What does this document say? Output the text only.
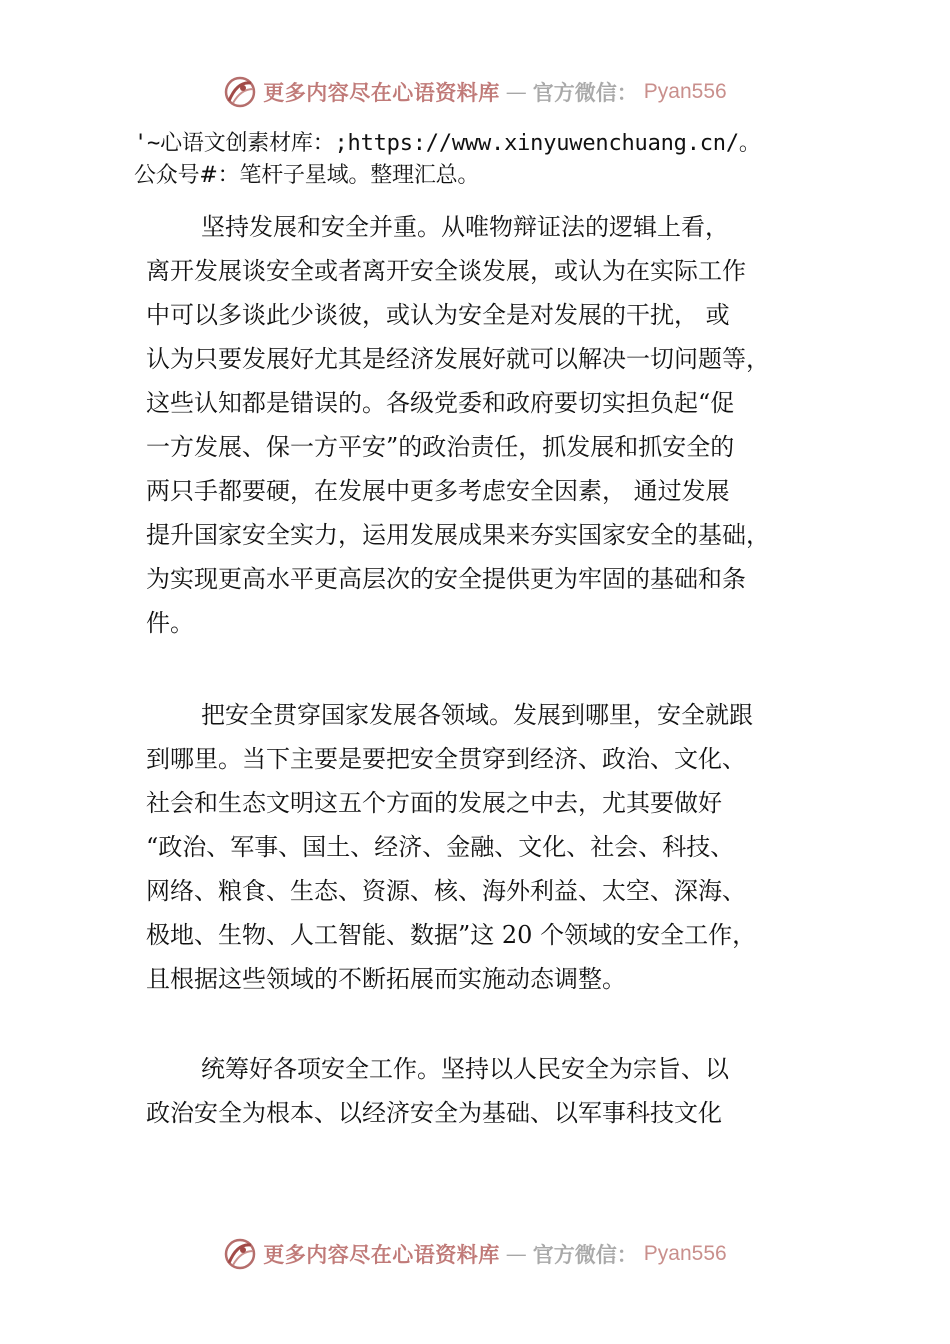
更多内容尽在心语资料库 — 官方微信： Pyan556
'~心语文创素材库：;https://www.xinyuwenchuang.cn/。
公众号#：笔杆子星域。整理汇总。
坚持发展和安全并重。从唯物辩证法的逻辑上看，
离开发展谈安全或者离开安全谈发展，或认为在实际工作
中可以多谈此少谈彼，或认为安全是对发展的干扰， 或
认为只要发展好尤其是经济发展好就可以解决一切问题等，
这些认知都是错误的。各级党委和政府要切实担负起“促
一方发展、保一方平安”的政治责任，抓发展和抓安全的
两只手都要硬，在发展中更多考虑安全因素， 通过发展
提升国家安全实力，运用发展成果来夯实国家安全的基础，
为实现更高水平更高层次的安全提供更为牢固的基础和条
件。
把安全贯穿国家发展各领域。发展到哪里，安全就跟
到哪里。当下主要是要把安全贯穿到经济、政治、文化、
社会和生态文明这五个方面的发展之中去，尤其要做好
“政治、军事、国土、经济、金融、文化、社会、科技、
网络、粮食、生态、资源、核、海外利益、太空、深海、
极地、生物、人工智能、数据”这 20 个领域的安全工作，
且根据这些领域的不断拓展而实施动态调整。
统筹好各项安全工作。坚持以人民安全为宗旨、以
政治安全为根本、以经济安全为基础、以军事科技文化
更多内容尽在心语资料库 — 官方微信： Pyan556
